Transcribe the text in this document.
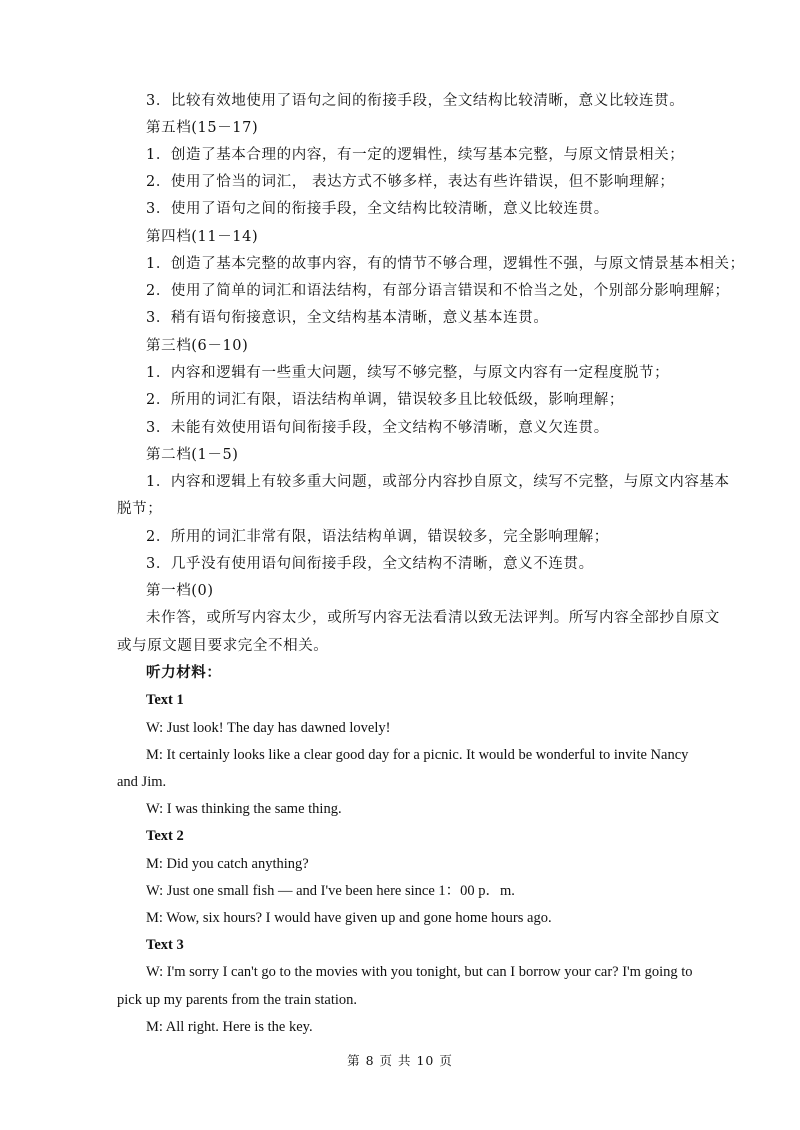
3．比较有效地使用了语句之间的衔接手段，全文结构比较清晰，意义比较连贯。
第五档(15－17)
1．创造了基本合理的内容，有一定的逻辑性，续写基本完整，与原文情景相关；
2．使用了恰当的词汇， 表达方式不够多样，表达有些许错误，但不影响理解；
3．使用了语句之间的衔接手段，全文结构比较清晰，意义比较连贯。
第四档(11－14)
1．创造了基本完整的故事内容，有的情节不够合理，逻辑性不强，与原文情景基本相关；
2．使用了简单的词汇和语法结构，有部分语言错误和不恰当之处，个别部分影响理解；
3．稍有语句衔接意识，全文结构基本清晰，意义基本连贯。
第三档(6－10)
1．内容和逻辑有一些重大问题，续写不够完整，与原文内容有一定程度脱节；
2．所用的词汇有限，语法结构单调，错误较多且比较低级，影响理解；
3．未能有效使用语句间衔接手段，全文结构不够清晰，意义欠连贯。
第二档(1－5)
1．内容和逻辑上有较多重大问题，或部分内容抄自原文，续写不完整，与原文内容基本
脱节；
2．所用的词汇非常有限，语法结构单调，错误较多，完全影响理解；
3．几乎没有使用语句间衔接手段，全文结构不清晰，意义不连贯。
第一档(0)
未作答，或所写内容太少，或所写内容无法看清以致无法评判。所写内容全部抄自原文
或与原文题目要求完全不相关。
听力材料：
Text 1
W: Just look! The day has dawned lovely!
M: It certainly looks like a clear good day for a picnic. It would be wonderful to invite Nancy
and Jim.
W: I was thinking the same thing.
Text 2
M: Did you catch anything?
W: Just one small fish — and I've been here since 1：00 p．m.
M: Wow, six hours? I would have given up and gone home hours ago.
Text 3
W: I'm sorry I can't go to the movies with you tonight, but can I borrow your car? I'm going to
pick up my parents from the train station.
M: All right. Here is the key.
第 8 页 共 10 页
